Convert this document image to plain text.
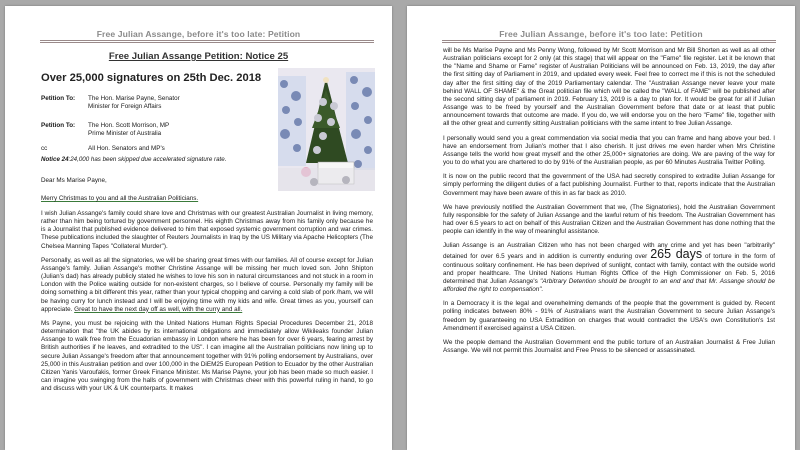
Free Julian Assange, before it's too late: Petition
Free Julian Assange Petition: Notice 25
Over 25,000 signatures on 25th Dec. 2018
Petition To:	The Hon. Marise Payne, Senator
Minister for Foreign Affairs
Petition To:	The Hon. Scott Morrison, MP
Prime Minister of Australia
cc	All Hon. Senators and MP's
Notice 24:24,000 has been skipped due accelerated signature rate.
Dear Ms Marise Payne,
Merry Christmas to you and all the Australian Politicians.

I wish Julian Assange's family could share love and Christmas with our greatest Australian Journalist in living memory, rather than him being tortured by government personnel. His eighth Christmas away from his family only because he is a Journalist that published evidence delivered to him that exposed systemic government corruption and war crimes. These publications included the slaughter of Reuters Journalists in Iraq by the US Military via Apache Helicopters (The Chelsea Manning Tapes "Collateral Murder").

Personally, as well as all the signatories, we will be sharing great times with our families. All of course except for Julian Assange's family. Julian Assange's mother Christine Assange will be missing her much loved son. John Shipton (Julian's dad) has already publicly stated he wishes to love his son in natural circumstances and not stuck in a room in London with the Police waiting outside for non-existent charges, so I believe of course. Personally my family will be doing something a bit different this year, rather than your typical chopping and carving a cold slab of pork /ham, we will be having curry for lunch instead and I will be enjoying time with my kids and wife. Great times as you, yourself can appreciate. Great to have the next day off as well, with the curry and all.

Ms Payne, you must be rejoicing with the United Nations Human Rights Special Procedures December 21, 2018 determination that "the UK abides by its international obligations and immediately allow Wikileaks founder Julian Assange to walk free from the Ecuadorian embassy in London where he has been for over 6 years, fearing arrest by British authorities if he leaves, and extradited to the US". I can imagine all the Australian politicians now lining up to secure Julian Assange's freedom after that announcement together with 91% polling endorsement by Australians, over 25,000 in this Australian petition and over 100,000 in the DiEM25 European Petition to Ecuador by the other Australian Citizen Yanis Varoufakis, former Greek Finance Minister. Ms Marise Payne, your job has been made so much easier. I can imagine you swinging from the halls of government with Christmas cheer with this powerful ruling in hand, to go and discuss with your UK & UK counterparts. It makes

Free Julian Assange, before it's too late: Petition

will be Ms Marise Payne and Ms Penny Wong, followed by Mr Scott Morrison and Mr Bill Shorten as well as all other Australian politicians except for 2 only (at this stage) that will appear on the "Fame" file register. Let it be known that the "Name and Shame or Fame" register of Australian Politicians will be announced on Feb. 13, 2019, the day after the first sitting day of Parliament in 2019, and updated every week. Feel free to correct me if this is not the scheduled day after the first sitting day of the 2019 Parliamentary calendar. The "Australian Assange never leave your mate behind WALL OF SHAME" & the Great politician file which will be called the "WALL of FAME" will be published after the second sitting day of parliament in 2019. February 13, 2019 is a day to plan for. It would be great for all if Julian Assange was to be freed by yourself and the Australian Government before that date or at least that public announcement towards that outcome are made. If you do, we will endorse you on the hero "Fame" file, together with all the other great and currently sitting Australian politicians with the same intent to free Julian Assange.

I personally would send you a great commendation via social media that you can frame and hang above your bed. I have an endorsement from Julian's mother that I also cherish. It just drives me even harder when Mrs Christine Assange tells the world how great myself and the other 25,000+ signatories are doing. We are paving of the way for you to do what you are chartered to do by 91% of the Australian people, as per 60 Minutes Australia Twitter Polling.

It is now on the public record that the government of the USA had secretly conspired to extradite Julian Assange for simply performing the diligent duties of a fact publishing Journalist. Further to that, reports indicate that the Australian Government may have been aware of this in as far back as 2010.

We have previously notified the Australian Government that we, (The Signatories), hold the Australian Government fully responsible for the safety of Julian Assange and the lawful return of his freedom. The Australian Government has had over 6.5 years to act on behalf of this Australian Citizen and the Australian Government has done nothing that the people can identify in the way of meaningful assistance.

Julian Assange is an Australian Citizen who has not been charged with any crime and yet has been "arbitrarily" detained for over 6.5 years and in addition is currently enduring over 265 days of torture in the form of continuous solitary confinement. He has been deprived of sunlight, contact with family, contact with the outside world and proper healthcare. The United Nations Human Rights Office of the High Commissioner on Feb. 5, 2016 determined that Julian Assange's "Arbitrary Detention should be brought to an end and that Mr. Assange should be afforded the right to compensation".

In a Democracy it is the legal and overwhelming demands of the people that the government is guided by. Recent polling indicates between 80% - 91% of Australians want the Australian Government to secure Julian Assange's freedom by guaranteeing no USA Extradition on charges that would contradict the USA's own Constitution's 1st Amendment if exercised against a USA Citizen.

We the people demand the Australian Government end the public torture of an Australian Journalist & Free Julian Assange. We will not permit this Journalist and Free Press to be silenced or assassinated.
